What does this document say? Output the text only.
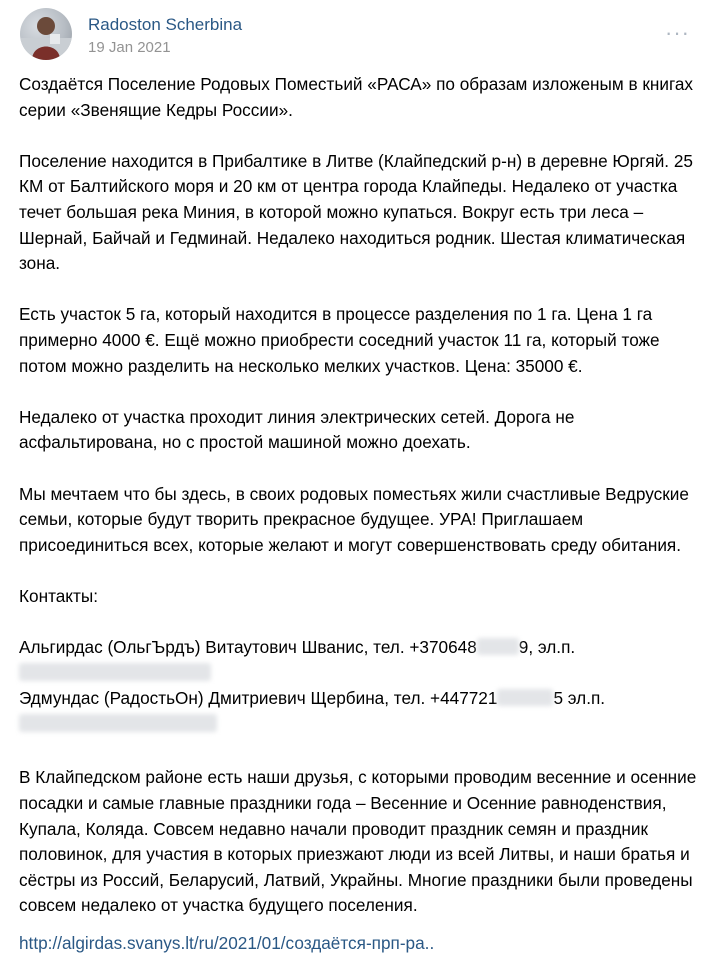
Radoston Scherbina
19 Jan 2021
···

Создаётся Поселение Родовых Поместьий «РАСА» по образам изложеным в книгах серии «Звенящие Кедры России».

Поселение находится в Прибалтике в Литве (Клайпедский р-н) в деревне Юргяй. 25 КМ от Балтийского моря и 20 км от центра города Клайпеды. Недалеко от участка течет большая река Миния, в которой можно купаться. Вокруг есть три леса – Шернай, Байчай и Гедминай. Недалеко находиться родник. Шестая климатическая зона.

Есть участок 5 га, который находится в процессе разделения по 1 га. Цена 1 га примерно 4000 €. Ещё можно приобрести соседний участок 11 га, который тоже потом можно разделить на несколько мелких участков. Цена: 35000 €.

Недалеко от участка проходит линия электрических сетей. Дорога не асфальтирована, но с простой машиной можно доехать.

Мы мечтаем что бы здесь, в своих родовых поместьях жили счастливые Ведруские семьи, которые будут творить прекрасное будущее. УРА! Приглашаем присоединиться всех, которые желают и могут совершенствовать среду обитания.

Контакты:

Альгирдас (ОльгЪрдъ) Витаутович Шванис, тел. +370648 9, эл.п.
Эдмундас (РадостьОн) Дмитриевич Щербина, тел. +447721	5 эл.п.

В Клайпедском районе есть наши друзья, с которыми проводим весенние и осенние посадки и самые главные праздники года – Весенние и Осенние равноденствия, Купала, Коляда. Совсем недавно начали проводит праздник семян и праздник половинок, для участия в которых приезжают люди из всей Литвы, и наши братья и сёстры из Россий, Беларусий, Латвий, Украйны. Многие праздники были проведены совсем недалеко от участка будущего поселения.

http://algirdas.svanys.lt/ru/2021/01/создаётся-прп-ра..
